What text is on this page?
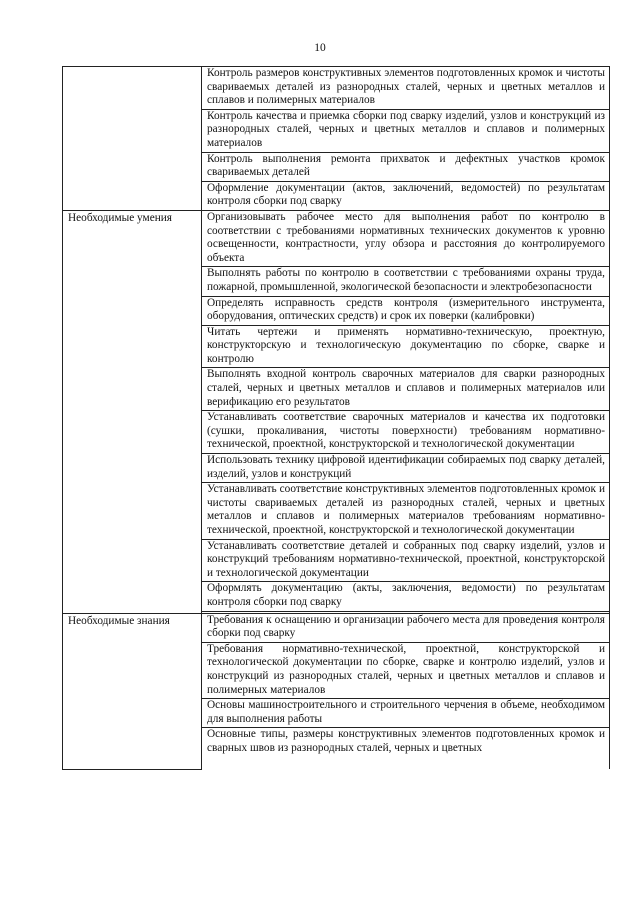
10
	Контроль размеров конструктивных элементов подготовленных кромок и чистоты свариваемых деталей из разнородных сталей, черных и цветных металлов и сплавов и полимерных материалов
	Контроль качества и приемка сборки под сварку изделий, узлов и конструкций из разнородных сталей, черных и цветных металлов и сплавов и полимерных материалов
	Контроль выполнения ремонта прихваток и дефектных участков кромок свариваемых деталей
	Оформление документации (актов, заключений, ведомостей) по результатам контроля сборки под сварку
Необходимые умения	Организовывать рабочее место для выполнения работ по контролю в соответствии с требованиями нормативных технических документов к уровню освещенности, контрастности, углу обзора и расстояния до контролируемого объекта
	Выполнять работы по контролю в соответствии с требованиями охраны труда, пожарной, промышленной, экологической безопасности и электробезопасности
	Определять исправность средств контроля (измерительного инструмента, оборудования, оптических средств) и срок их поверки (калибровки)
	Читать чертежи и применять нормативно-техническую, проектную, конструкторскую и технологическую документацию по сборке, сварке и контролю
	Выполнять входной контроль сварочных материалов для сварки разнородных сталей, черных и цветных металлов и сплавов и полимерных материалов или верификацию его результатов
	Устанавливать соответствие сварочных материалов и качества их подготовки (сушки, прокаливания, чистоты поверхности) требованиям нормативно-технической, проектной, конструкторской и технологической документации
	Использовать технику цифровой идентификации собираемых под сварку деталей, изделий, узлов и конструкций
	Устанавливать соответствие конструктивных элементов подготовленных кромок и чистоты свариваемых деталей из разнородных сталей, черных и цветных металлов и сплавов и полимерных материалов требованиям нормативно-технической, проектной, конструкторской и технологической документации
	Устанавливать соответствие деталей и собранных под сварку изделий, узлов и конструкций требованиям нормативно-технической, проектной, конструкторской и технологической документации
	Оформлять документацию (акты, заключения, ведомости) по результатам контроля сборки под сварку

Необходимые знания	Требования к оснащению и организации рабочего места для проведения контроля сборки под сварку
	Требования нормативно-технической, проектной, конструкторской и технологической документации по сборке, сварке и контролю изделий, узлов и конструкций из разнородных сталей, черных и цветных металлов и сплавов и полимерных материалов
	Основы машиностроительного и строительного черчения в объеме, необходимом для выполнения работы

	Основные типы, размеры конструктивных элементов подготовленных кромок и сварных швов из разнородных сталей, черных и цветных
